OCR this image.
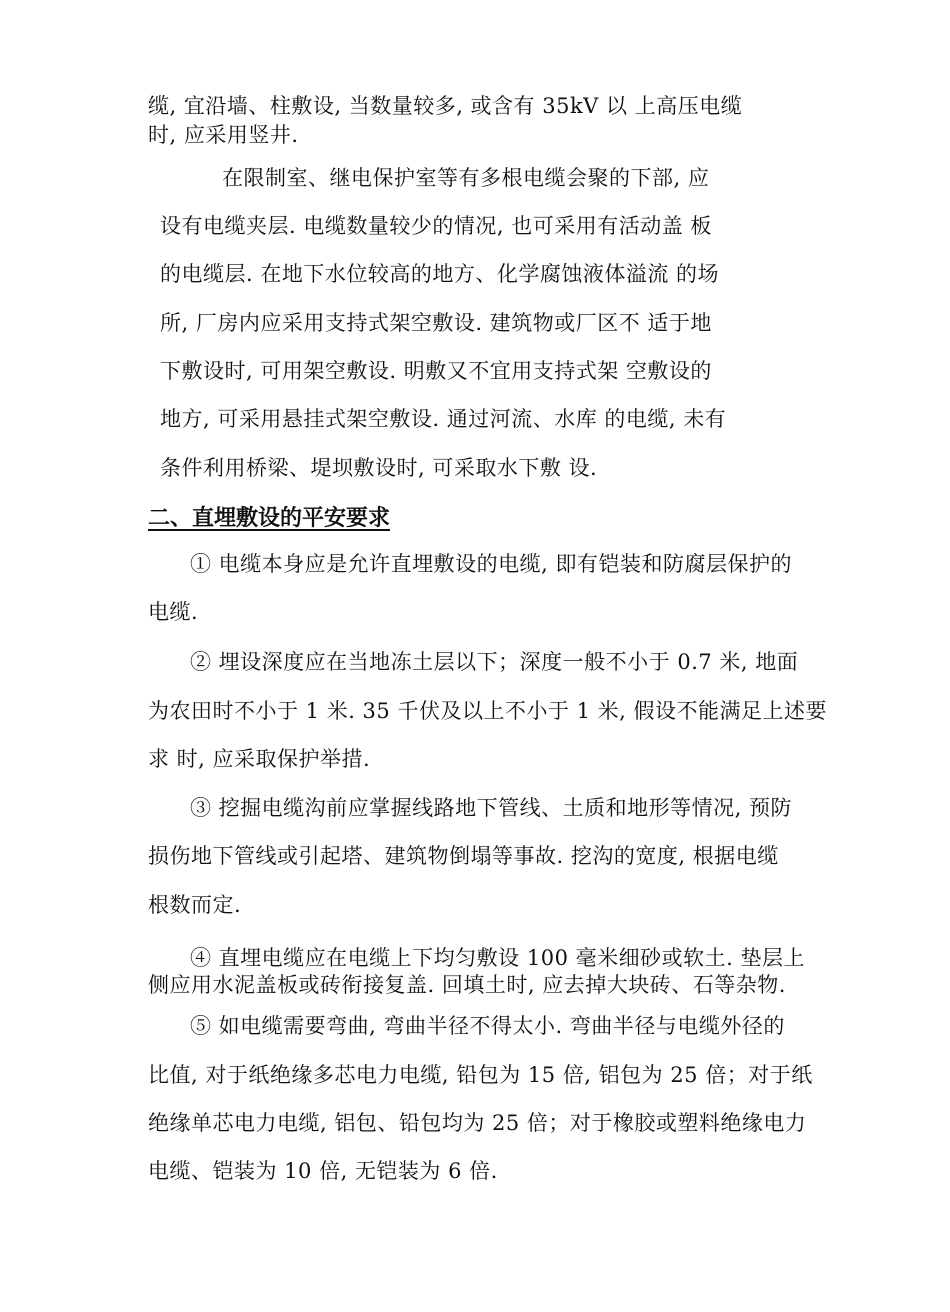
缆, 宜沿墙、柱敷设, 当数量较多, 或含有 35kV 以 上高压电缆
时, 应采用竖井.
在限制室、继电保护室等有多根电缆会聚的下部, 应
设有电缆夹层. 电缆数量较少的情况, 也可采用有活动盖 板
的电缆层. 在地下水位较高的地方、化学腐蚀液体溢流 的场
所, 厂房内应采用支持式架空敷设. 建筑物或厂区不 适于地
下敷设时, 可用架空敷设. 明敷又不宜用支持式架 空敷设的
地方, 可采用悬挂式架空敷设. 通过河流、水库 的电缆, 未有
条件利用桥梁、堤坝敷设时, 可采取水下敷 设.
二、直埋敷设的平安要求
① 电缆本身应是允许直埋敷设的电缆, 即有铠装和防腐层保护的
电缆.
② 埋设深度应在当地冻土层以下；深度一般不小于 0.7 米, 地面
为农田时不小于 1 米. 35 千伏及以上不小于 1 米, 假设不能满足上述要
求 时, 应采取保护举措.
③ 挖掘电缆沟前应掌握线路地下管线、土质和地形等情况, 预防
损伤地下管线或引起塔、建筑物倒塌等事故. 挖沟的宽度, 根据电缆
根数而定.
④ 直埋电缆应在电缆上下均匀敷设 100 毫米细砂或软土. 垫层上
侧应用水泥盖板或砖衔接复盖. 回填土时, 应去掉大块砖、石等杂物.
⑤ 如电缆需要弯曲, 弯曲半径不得太小. 弯曲半径与电缆外径的
比值, 对于纸绝缘多芯电力电缆, 铅包为 15 倍, 铝包为 25 倍；对于纸
绝缘单芯电力电缆, 铝包、铅包均为 25 倍；对于橡胶或塑料绝缘电力
电缆、铠装为 10 倍, 无铠装为 6 倍.
